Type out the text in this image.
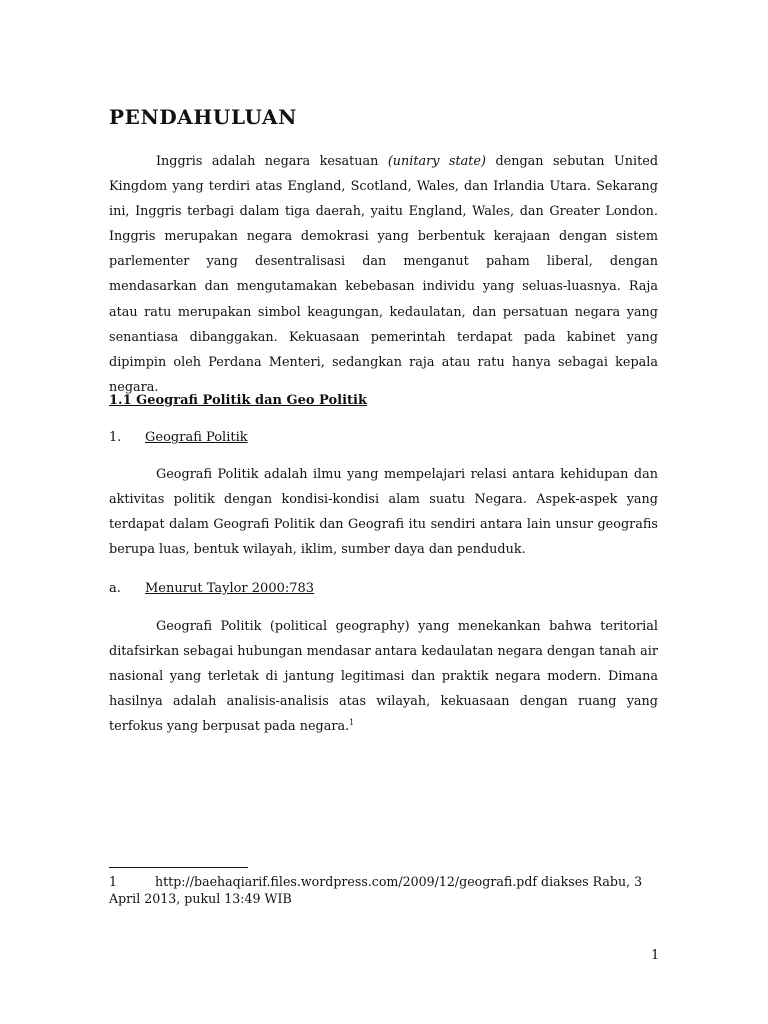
PENDAHULUAN

Inggris adalah negara kesatuan (unitary state) dengan sebutan United Kingdom yang terdiri atas England, Scotland, Wales, dan Irlandia Utara. Sekarang ini, Inggris terbagi dalam tiga daerah, yaitu England, Wales, dan Greater London. Inggris merupakan negara demokrasi yang berbentuk kerajaan dengan sistem parlementer yang desentralisasi dan menganut paham liberal, dengan mendasarkan dan mengutamakan kebebasan individu yang seluas-luasnya. Raja atau ratu merupakan simbol keagungan, kedaulatan, dan persatuan negara yang senantiasa dibanggakan. Kekuasaan pemerintah terdapat pada kabinet yang dipimpin oleh Perdana Menteri, sedangkan raja atau ratu hanya sebagai kepala negara.

1.1 Geografi Politik dan Geo Politik
1. Geografi Politik

Geografi Politik adalah ilmu yang mempelajari relasi antara kehidupan dan aktivitas politik dengan kondisi-kondisi alam suatu Negara. Aspek-aspek yang terdapat dalam Geografi Politik dan Geografi itu sendiri antara lain unsur geografis berupa luas, bentuk wilayah, iklim, sumber daya dan penduduk.

a. Menurut Taylor 2000:783

Geografi Politik (political geography) yang menekankan bahwa teritorial ditafsirkan sebagai hubungan mendasar antara kedaulatan negara dengan tanah air nasional yang terletak di jantung legitimasi dan praktik negara modern. Dimana hasilnya adalah analisis-analisis atas wilayah, kekuasaan dengan ruang yang terfokus yang berpusat pada negara.$^1$

1	http://baehaqiarif.files.wordpress.com/2009/12/geografi.pdf diakses Rabu, 3 April 2013, pukul 13:49 WIB

1
